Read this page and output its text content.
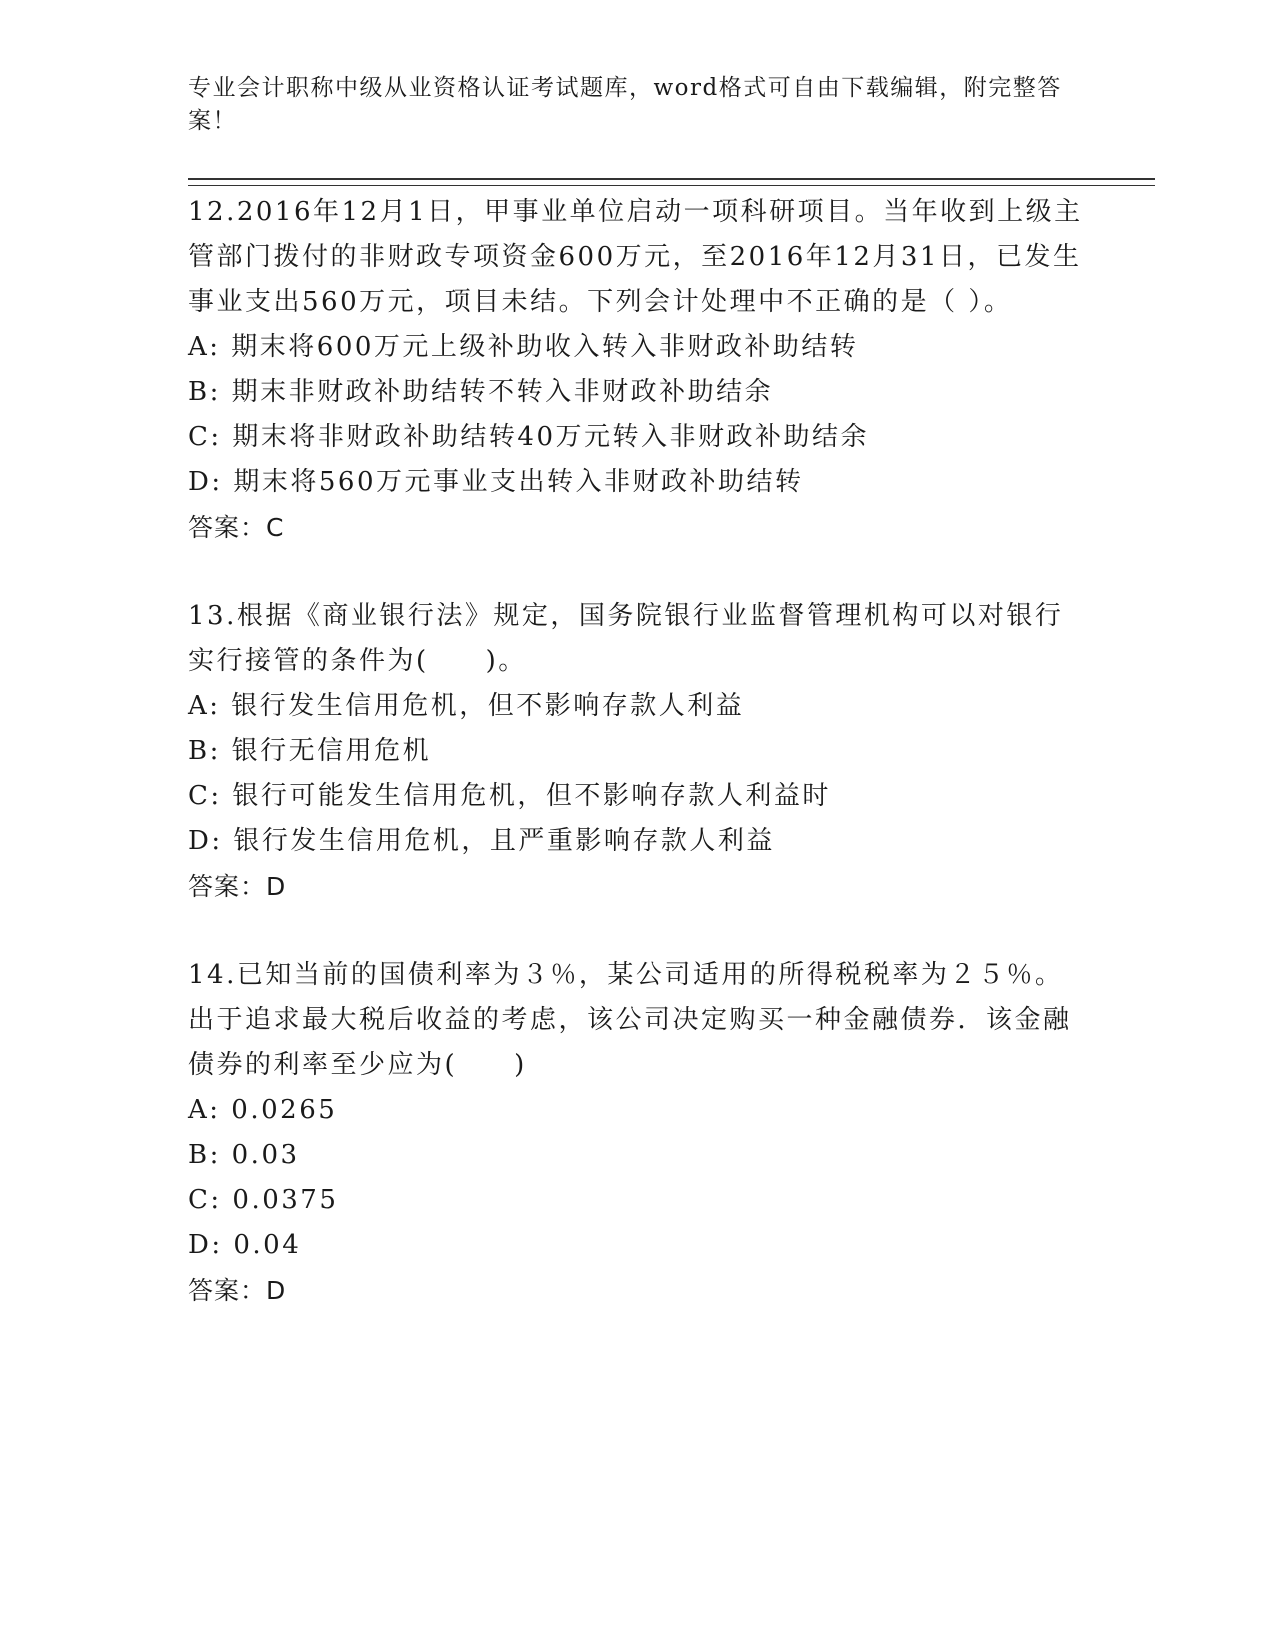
专业会计职称中级从业资格认证考试题库，word格式可自由下载编辑，附完整答案！

12.2016年12月1日，甲事业单位启动一项科研项目。当年收到上级主管部门拨付的非财政专项资金600万元，至2016年12月31日，已发生事业支出560万元，项目未结。下列会计处理中不正确的是（ ）。

A: 期末将600万元上级补助收入转入非财政补助结转
B: 期末非财政补助结转不转入非财政补助结余
C: 期末将非财政补助结转40万元转入非财政补助结余
D: 期末将560万元事业支出转入非财政补助结转
答案：C

13.根据《商业银行法》规定，国务院银行业监督管理机构可以对银行实行接管的条件为(　　)。

A: 银行发生信用危机，但不影响存款人利益
B: 银行无信用危机
C: 银行可能发生信用危机，但不影响存款人利益时
D: 银行发生信用危机，且严重影响存款人利益
答案：D

14.已知当前的国债利率为３％，某公司适用的所得税税率为２５％。出于追求最大税后收益的考虑，该公司决定购买一种金融债券．该金融债券的利率至少应为(　　)

A: 0.0265
B: 0.03
C: 0.0375
D: 0.04
答案：D
